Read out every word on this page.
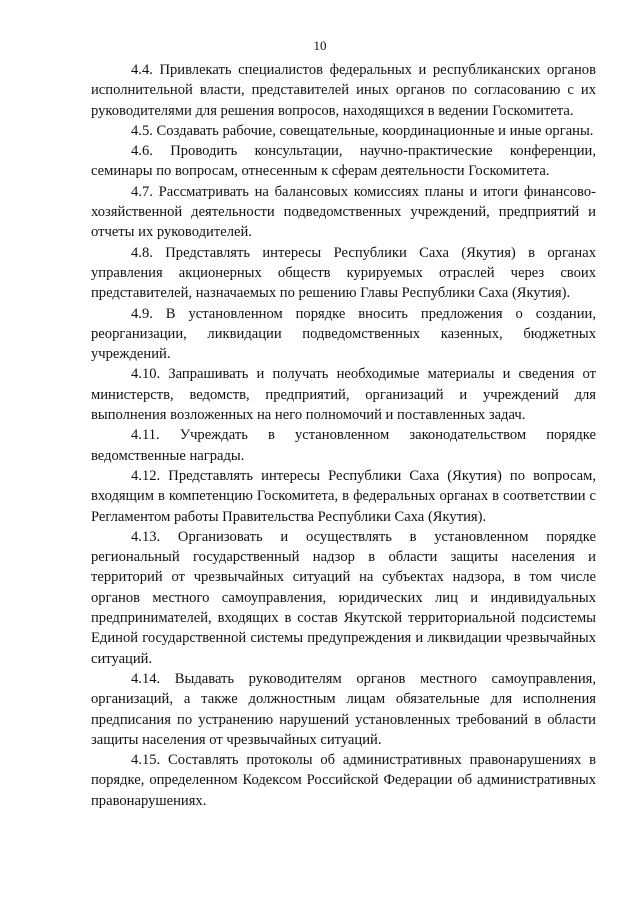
10

4.4. Привлекать специалистов федеральных и республиканских органов исполнительной власти, представителей иных органов по согласованию с их руководителями для решения вопросов, находящихся в ведении Госкомитета.

4.5. Создавать рабочие, совещательные, координационные и иные органы.

4.6. Проводить консультации, научно-практические конференции, семинары по вопросам, отнесенным к сферам деятельности Госкомитета.

4.7. Рассматривать на балансовых комиссиях планы и итоги финансово-хозяйственной деятельности подведомственных учреждений, предприятий и отчеты их руководителей.

4.8. Представлять интересы Республики Саха (Якутия) в органах управления акционерных обществ курируемых отраслей через своих представителей, назначаемых по решению Главы Республики Саха (Якутия).

4.9. В установленном порядке вносить предложения о создании, реорганизации, ликвидации подведомственных казенных, бюджетных учреждений.

4.10. Запрашивать и получать необходимые материалы и сведения от министерств, ведомств, предприятий, организаций и учреждений для выполнения возложенных на него полномочий и поставленных задач.

4.11. Учреждать в установленном законодательством порядке ведомственные награды.

4.12. Представлять интересы Республики Саха (Якутия) по вопросам, входящим в компетенцию Госкомитета, в федеральных органах в соответствии с Регламентом работы Правительства Республики Саха (Якутия).

4.13. Организовать и осуществлять в установленном порядке региональный государственный надзор в области защиты населения и территорий от чрезвычайных ситуаций на субъектах надзора, в том числе органов местного самоуправления, юридических лиц и индивидуальных предпринимателей, входящих в состав Якутской территориальной подсистемы Единой государственной системы предупреждения и ликвидации чрезвычайных ситуаций.

4.14. Выдавать руководителям органов местного самоуправления, организаций, а также должностным лицам обязательные для исполнения предписания по устранению нарушений установленных требований в области защиты населения от чрезвычайных ситуаций.

4.15. Составлять протоколы об административных правонарушениях в порядке, определенном Кодексом Российской Федерации об административных правонарушениях.
